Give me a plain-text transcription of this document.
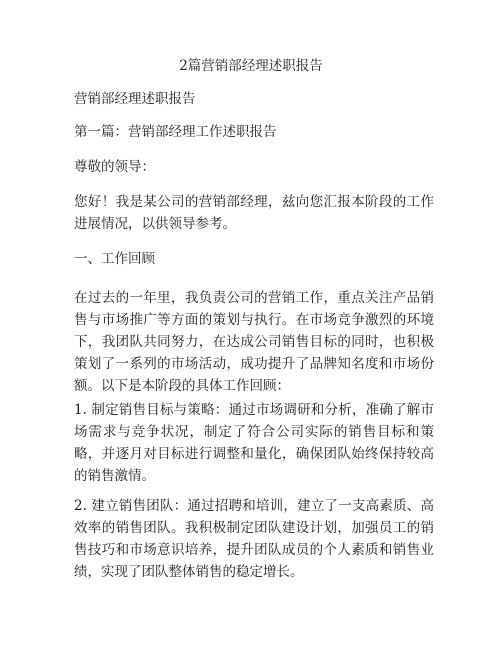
2篇营销部经理述职报告

营销部经理述职报告

第一篇：营销部经理工作述职报告

尊敬的领导：

您好！我是某公司的营销部经理，兹向您汇报本阶段的工作进展情况，以供领导参考。

一、工作回顾

在过去的一年里，我负责公司的营销工作，重点关注产品销售与市场推广等方面的策划与执行。在市场竞争激烈的环境下，我团队共同努力，在达成公司销售目标的同时，也积极策划了一系列的市场活动，成功提升了品牌知名度和市场份额。以下是本阶段的具体工作回顾：

1. 制定销售目标与策略：通过市场调研和分析，准确了解市场需求与竞争状况，制定了符合公司实际的销售目标和策略，并逐月对目标进行调整和量化，确保团队始终保持较高的销售激情。

2. 建立销售团队：通过招聘和培训，建立了一支高素质、高效率的销售团队。我积极制定团队建设计划，加强员工的销售技巧和市场意识培养，提升团队成员的个人素质和销售业绩，实现了团队整体销售的稳定增长。
